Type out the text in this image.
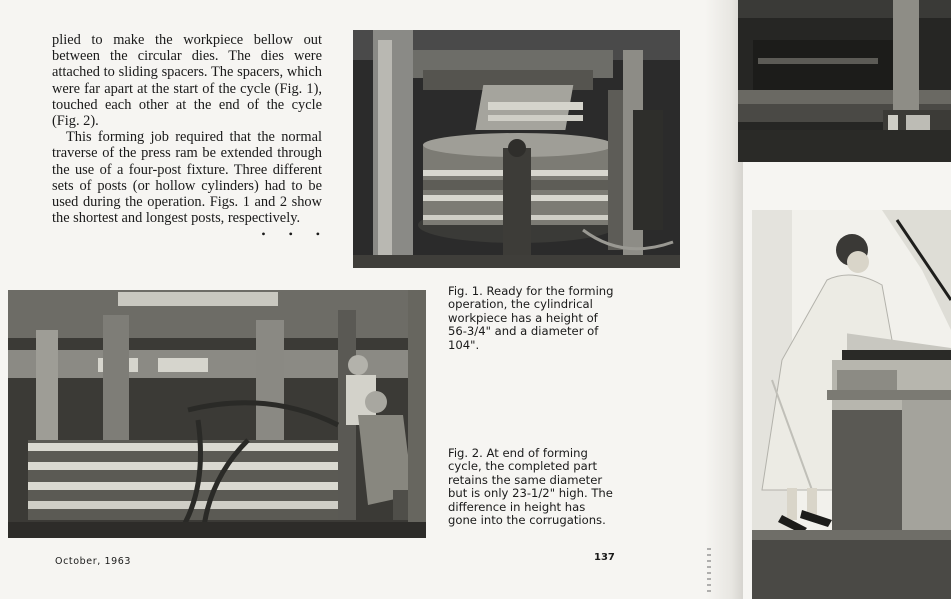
plied to make the workpiece bellow out between the circular dies. The dies were attached to sliding spacers. The spacers, which were far apart at the start of the cycle (Fig. 1), touched each other at the end of the cycle (Fig. 2).

This forming job required that the normal traverse of the press ram be extended through the use of a four-post fixture. Three different sets of posts (or hollow cylinders) had to be used during the operation. Figs. 1 and 2 show the shortest and longest posts, respectively.
• • •

Fig. 1. Ready for the forming operation, the cylindrical workpiece has a height of 56-3/4" and a diameter of 104".

Fig. 2. At end of forming cycle, the completed part retains the same diameter but is only 23-1/2" high. The difference in height has gone into the corrugations.

October, 1963	137
